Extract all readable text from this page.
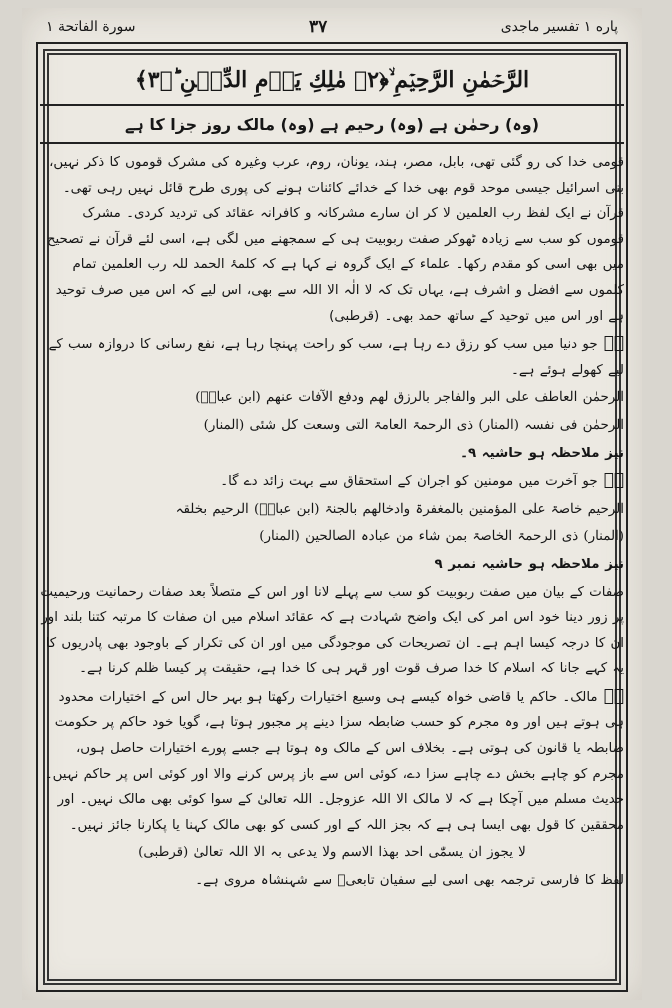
پاره ۱ تفسیر ماجدی
۳۷
سورة الفاتحة ۱
الرَّحۡمٰنِ الرَّحِیۡمِ ۙ﴿۲﴾ مٰلِكِ یَوۡمِ الدِّیۡنِ ؕ﴿۳﴾
(وہ) رحمٰن ہے (وہ) رحیم ہے (وہ) مالک روز جزا کا ہے

قومی خدا کی رو گئی تھی، بابل، مصر، ہند، یونان، روم، عرب وغیرہ کی مشرک قوموں کا ذکر نہیں، بنی اسرائیل جیسی موحد قوم بھی خدا کے خدائے کائنات ہونے کی پوری طرح قائل نہیں رہی تھی۔ قرآن نے ایک لفظ رب العلمین لا کر ان سارے مشرکانہ و کافرانہ عقائد کی تردید کردی۔ مشرک قوموں کو سب سے زیادہ ٹھوکر صفت ربوبیت ہی کے سمجھنے میں لگی ہے، اسی لئے قرآن نے تصحیح میں بھی اسی کو مقدم رکھا۔ علماء کے ایک گروہ نے کہا ہے کہ کلمۂ الحمد للہ رب العلمین تمام کلموں سے افضل و اشرف ہے، یہاں تک کہ لا الٰہ الا اللہ سے بھی، اس لیے کہ اس میں صرف توحید ہے اور اس میں توحید کے ساتھ حمد بھی۔ (قرطبی)

۳ؔجو دنیا میں سب کو رزق دے رہا ہے، سب کو راحت پہنچا رہا ہے، نفع رسانی کا دروازہ سب کے لیے کھولے ہوئے ہے۔

الرحمٰن العاطف علی البر والفاجر بالرزق لھم ودفع الآفات عنھم (ابن عباسؓ)

الرحمٰن فی نفسہ (المنار) ذی الرحمۃ العامۃ التی وسعت کل شئی (المنار)

نیز ملاحظہ ہو حاشیہ ۹۔

۴ؔجو آخرت میں مومنین کو اجران کے استحقاق سے بہت زائد دے گا۔

الرحیم خاصۃ علی المؤمنین بالمغفرۃ وادخالھم بالجنۃ (ابن عباسؓ) الرحیم بخلقہ

(المنار) ذی الرحمۃ الخاصۃ بمن شاء من عبادہ الصالحین (المنار)

نیز ملاحظہ ہو حاشیہ نمبر ۹

صفات کے بیان میں صفت ربوبیت کو سب سے پہلے لانا اور اس کے متصلاً بعد صفات رحمانیت ورحیمیت پر زور دینا خود اس امر کی ایک واضح شہادت ہے کہ عقائد اسلام میں ان صفات کا مرتبہ کتنا بلند اور ان کا درجہ کیسا اہم ہے۔ ان تصریحات کی موجودگی میں اور ان کی تکرار کے باوجود بھی پادریوں کا یہ کہے جانا کہ اسلام کا خدا صرف قوت اور قہر ہی کا خدا ہے، حقیقت پر کیسا ظلم کرنا ہے۔

۵ؔمالک۔ حاکم یا قاضی خواہ کیسے ہی وسیع اختیارات رکھتا ہو بہر حال اس کے اختیارات محدود ہی ہوتے ہیں اور وہ مجرم کو حسب ضابطہ سزا دینے پر مجبور ہوتا ہے، گویا خود حاکم پر حکومت ضابطہ یا قانون کی ہوتی ہے۔ بخلاف اس کے مالک وہ ہوتا ہے جسے پورے اختیارات حاصل ہوں، مجرم کو چاہے بخش دے چاہے سزا دے، کوئی اس سے باز پرس کرنے والا اور کوئی اس پر حاکم نہیں۔ حدیث مسلم میں آچکا ہے کہ لا مالک الا اللہ عزوجل۔ اللہ تعالیٰ کے سوا کوئی بھی مالک نہیں۔ اور محققین کا قول بھی ایسا ہی ہے کہ بجز اللہ کے اور کسی کو بھی مالک کہنا یا پکارنا جائز نہیں۔

لا یجوز ان یسمّٰی احد بھذا الاسم ولا یدعی بہ الا اللہ تعالیٰ (قرطبی)

لفظ کا فارسی ترجمہ بھی اسی لیے سفیان تابعیؒ سے شہنشاہ مروی ہے۔
